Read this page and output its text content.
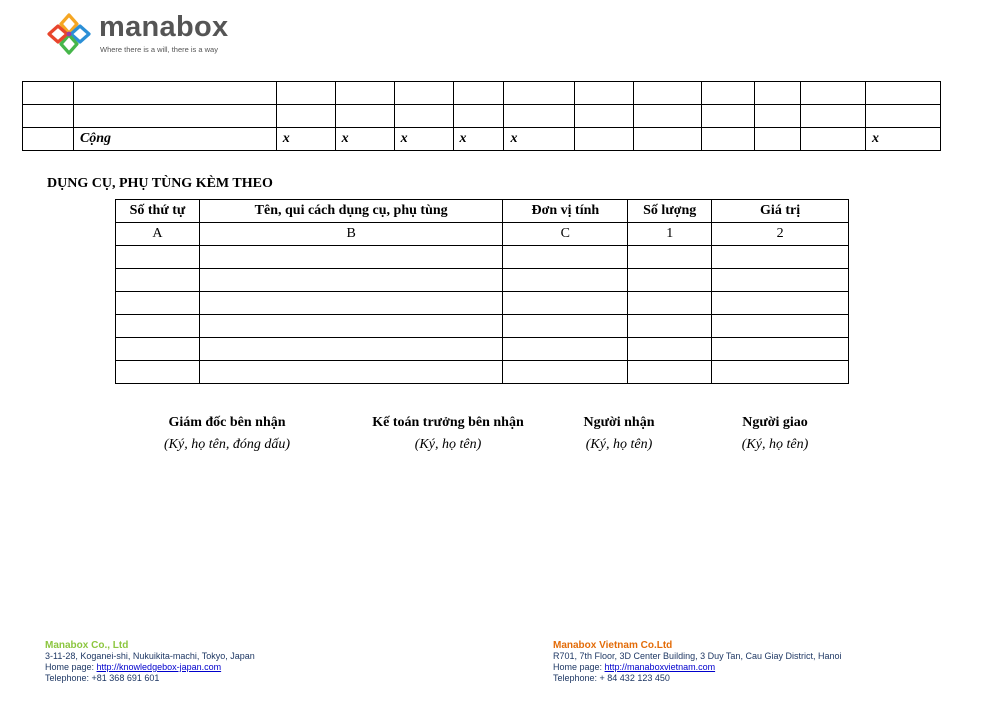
manabox
Where there is a will, there is a way

	Cộng	x	x	x	x	x						x
DỤNG CỤ, PHỤ TÙNG KÈM THEO
Số thứ tự	Tên, qui cách dụng cụ, phụ tùng	Đơn vị tính	Số lượng	Giá trị
A	B	C	1	2

Giám đốc bên nhận
(Ký, họ tên, đóng dấu)
Kế toán trưởng bên nhận
(Ký, họ tên)
Người nhận
(Ký, họ tên)
Người giao
(Ký, họ tên)
Manabox Co., Ltd
3-11-28, Koganei-shi, Nukuikita-machi, Tokyo, Japan
Home page: http://knowledgebox-japan.com
Telephone: +81 368 691 601
Manabox Vietnam Co.Ltd
R701, 7th Floor, 3D Center Building, 3 Duy Tan, Cau Giay District, Hanoi
Home page: http://manaboxvietnam.com
Telephone: + 84 432 123 450
